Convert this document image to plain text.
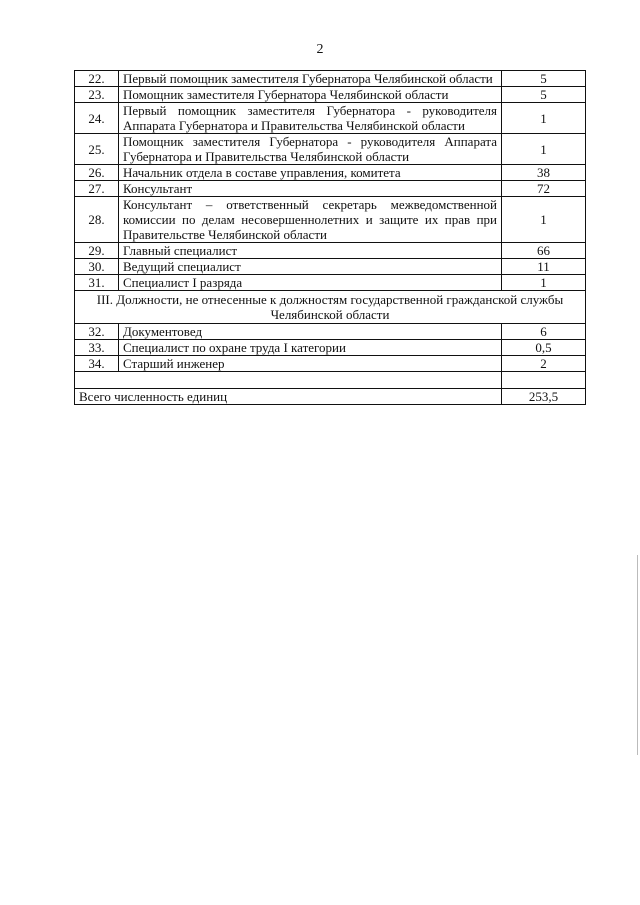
2
22.	Первый помощник заместителя Губернатора Челябинской области	5
23.	Помощник заместителя Губернатора Челябинской области	5
24.	Первый помощник заместителя Губернатора - руководителя Аппарата Губернатора и Правительства Челябинской области	1
25.	Помощник заместителя Губернатора - руководителя Аппарата Губернатора и Правительства Челябинской области	1
26.	Начальник отдела в составе управления, комитета	38
27.	Консультант	72
28.	Консультант – ответственный секретарь межведомственной комиссии по делам несовершеннолетних и защите их прав при Правительстве Челябинской области	1
29.	Главный специалист	66
30.	Ведущий специалист	11
31.	Специалист I разряда	1
III. Должности, не отнесенные к должностям государственной гражданской службы Челябинской области		
32.	Документовед	6
33.	Специалист по охране труда I категории	0,5
34.	Старший инженер	2

Всего численность единиц		253,5
